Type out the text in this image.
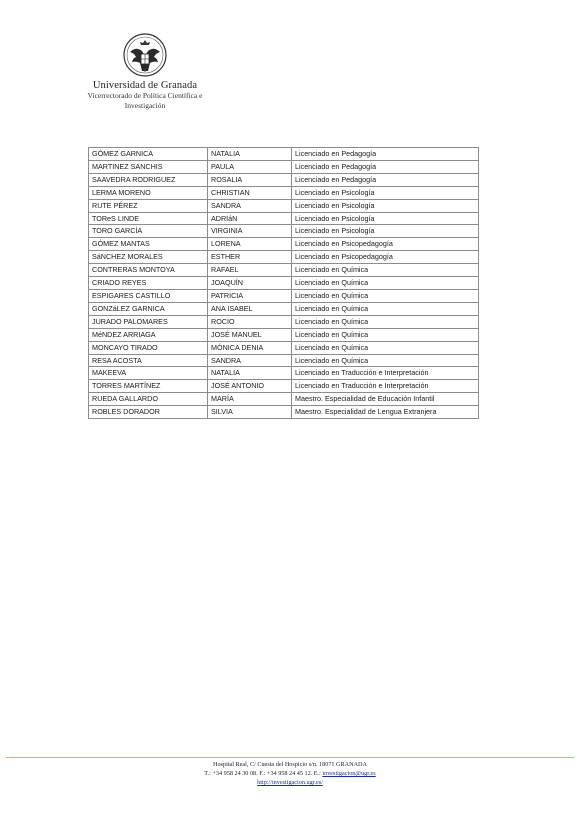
Universidad de Granada
Vicerrectorado de Política Científica e
Investigación
GÓMEZ GARNICA	NATALIA	Licenciado en Pedagogía
MARTINEZ SANCHIS	PAULA	Licenciado en Pedagogía
SAAVEDRA RODRIGUEZ	ROSALIA	Licenciado en Pedagogía
LERMA MORENO	CHRISTIAN	Licenciado en Psicología
RUTE PÉREZ	SANDRA	Licenciado en Psicología
TOReS LINDE	ADRIáN	Licenciado en Psicología
TORO GARCÍA	VIRGINIA	Licenciado en Psicología
GÓMEZ MANTAS	LORENA	Licenciado en Psicopedagogía
SáNCHEZ MORALES	ESTHER	Licenciado en Psicopedagogía
CONTRERAS MONTOYA	RAFAEL	Licenciado en Química
CRIADO REYES	JOAQUÍN	Licenciado en Química
ESPIGARES CASTILLO	PATRICIA	Licenciado en Química
GONZáLEZ GARNICA	ANA ISABEL	Licenciado en Química
JURADO PALOMARES	ROCIO	Licenciado en Química
MéNDEZ ARRIAGA	JOSÉ MANUEL	Licenciado en Química
MONCAYO TIRADO	MÓNICA DENIA	Licenciado en Química
RESA ACOSTA	SANDRA	Licenciado en Química
MAKEEVA	NATALIA	Licenciado en Traducción e Interpretación
TORRES MARTÍNEZ	JOSÉ ANTONIO	Licenciado en Traducción e Interpretación
RUEDA GALLARDO	MARÍA	Maestro. Especialidad de Educación Infantil
ROBLES DORADOR	SILVIA	Maestro. Especialidad de Lengua Extranjera
Hospital Real, C/ Cuesta del Hospicio s/n. 18071 GRANADA
T.: +34 958 24 30 08. F.: +34 958 24 45 12. E.: investigacion@ugr.es
http://investigacion.ugr.es/
